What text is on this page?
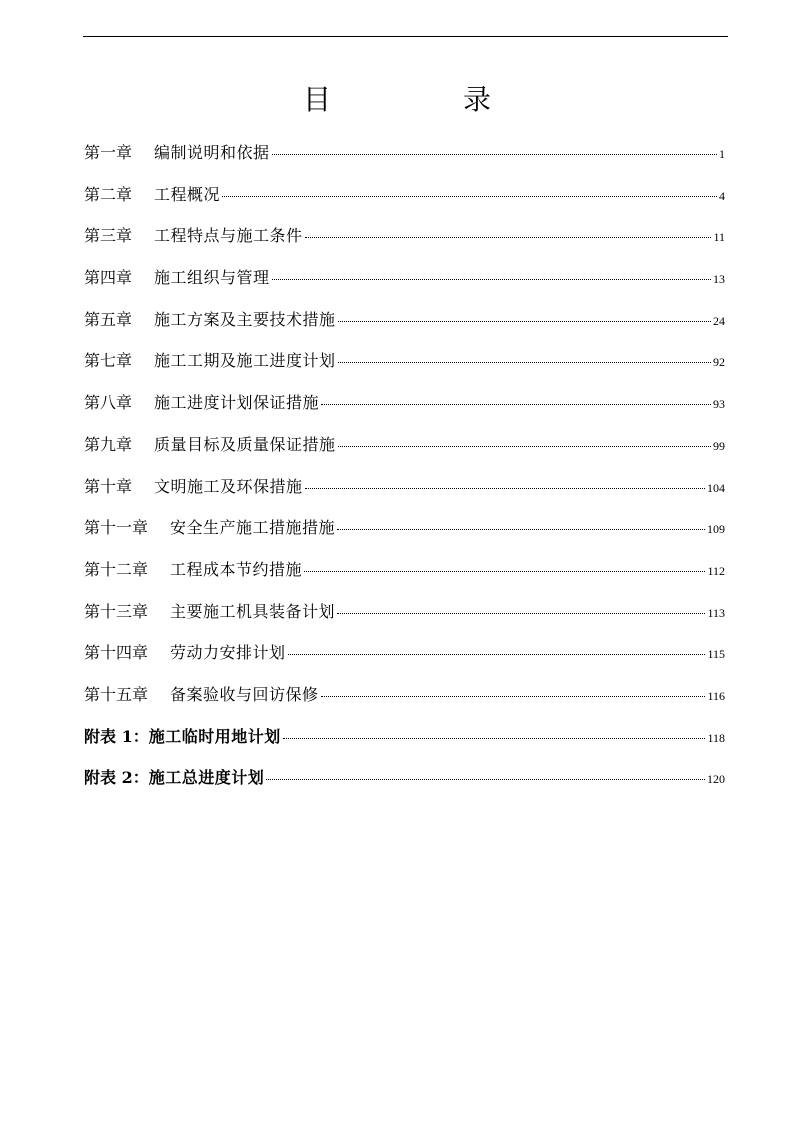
目　录
第一章 编制说明和依据	1
第二章 工程概况	4
第三章 工程特点与施工条件	11
第四章 施工组织与管理	13
第五章 施工方案及主要技术措施	24
第七章 施工工期及施工进度计划	92
第八章 施工进度计划保证措施	93
第九章 质量目标及质量保证措施	99
第十章 文明施工及环保措施	104
第十一章 安全生产施工措施措施	109
第十二章 工程成本节约措施	112
第十三章 主要施工机具装备计划	113
第十四章 劳动力安排计划	115
第十五章 备案验收与回访保修	116
附表 1： 施工临时用地计划	118
附表 2： 施工总进度计划	120
